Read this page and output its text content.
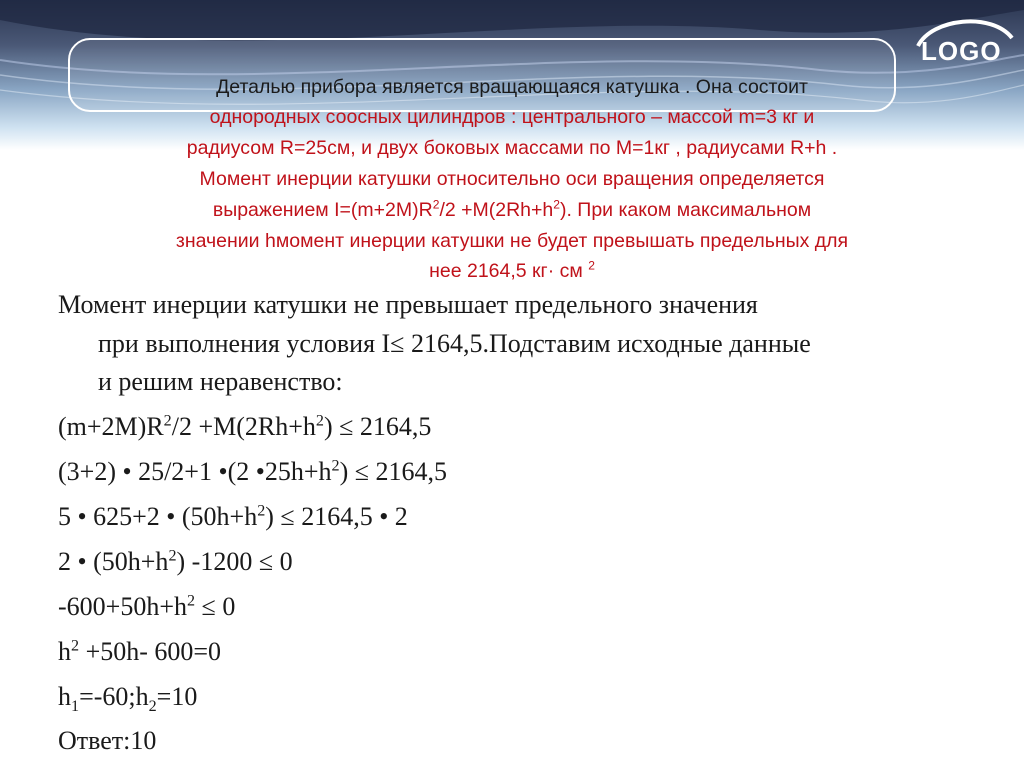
LOGO
Деталью прибора является вращающаяся катушка . Она состоит
однородных соосных цилиндров : центрального – массой m=3 кг и
радиусом R=25см, и двух боковых массами по M=1кг , радиусами R+h .
Момент инерции катушки относительно оси вращения определяется
выражением $I=(m+2M)R^2/2 +M(2Rh+h^2)$. При каком максимальном
значении hмомент инерции катушки не будет превышать предельных для
нее 2164,5 кг· см $^2$
Момент инерции катушки не превышает предельного значения
при выполнения условия I≤ 2164,5.Подставим исходные данные
и решим неравенство:
$(m+2M)R^2/2 +M(2Rh+h^2) \le 2164,5$
(3+2) • 25/2+1 •(2 $•25h+h^2) \le 2164,5$
5 • 625+2 • $(50h+h^2) \le 2164,5$ • 2
2 • $(50h+h^2) -1200 \le 0$
$-600+50h+h^2 \le 0$
$h^2 +50h-$ 600=0
$h_1=-60;h_2=10$
Ответ:10
